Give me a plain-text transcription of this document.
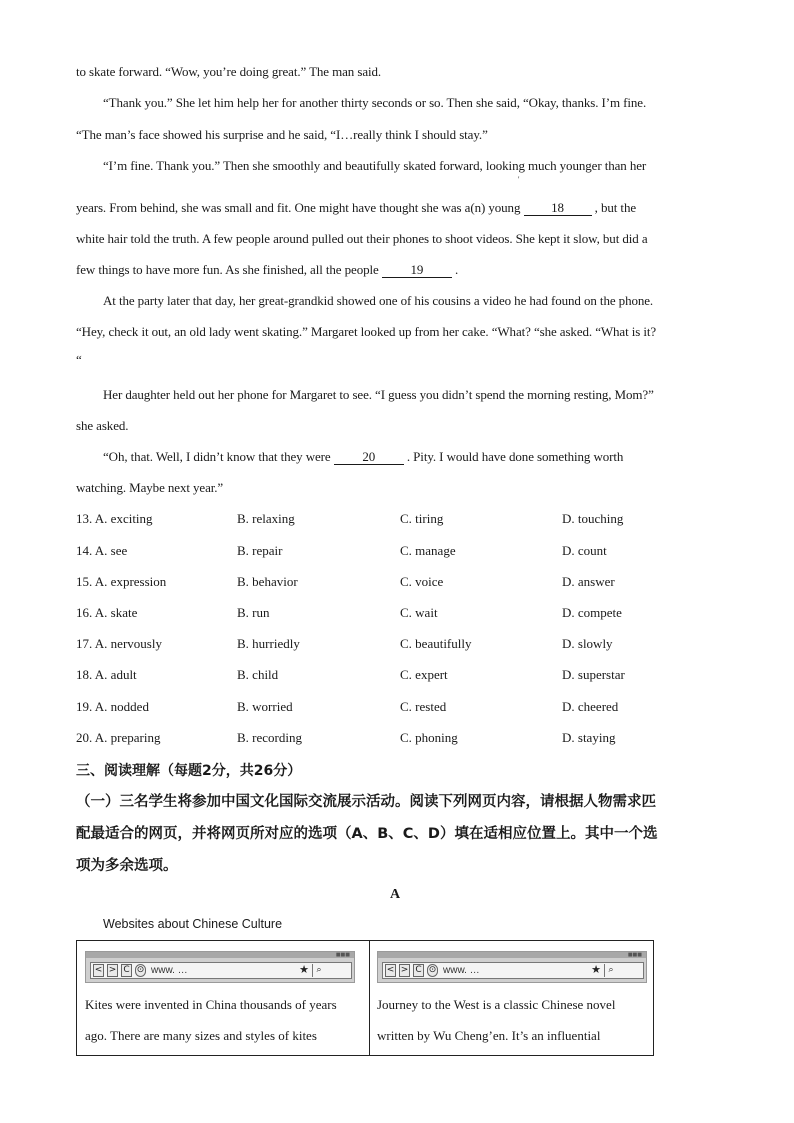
to skate forward. “Wow, you’re doing great.” The man said.
“Thank you.” She let him help her for another thirty seconds or so. Then she said, “Okay, thanks. I’m fine.
“The man’s face showed his surprise and he said, “I…really think I should stay.”
“I’m fine. Thank you.” Then she smoothly and beautifully skated forward, looking much younger than her
years. From behind, she was small and fit. One might have thought she was a(n) young 18 , but the
white hair told the truth. A few people around pulled out their phones to shoot videos. She kept it slow, but did a
few things to have more fun. As she finished, all the people 19 .
At the party later that day, her great-grandkid showed one of his cousins a video he had found on the phone.
“Hey, check it out, an old lady went skating.” Margaret looked up from her cake. “What? “she asked. “What is it?
“
Her daughter held out her phone for Margaret to see. “I guess you didn’t spend the morning resting, Mom?”
she asked.
“Oh, that. Well, I didn’t know that they were 20 . Pity. I would have done something worth
watching. Maybe next year.”
'
13. A. exciting	B. relaxing	C. tiring	D. touching
14. A. see	B. repair	C. manage	D. count
15. A. expression	B. behavior	C. voice	D. answer
16. A. skate	B. run	C. wait	D. compete
17. A. nervously	B. hurriedly	C. beautifully	D. slowly
18. A. adult	B. child	C. expert	D. superstar
19. A. nodded	B. worried	C. rested	D. cheered
20. A. preparing	B. recording	C. phoning	D. staying
三、阅读理解（每题2分，共26分）
（一）三名学生将参加中国文化国际交流展示活动。阅读下列网页内容，请根据人物需求匹
配最适合的网页，并将网页所对应的选项（A、B、C、D）填在适相应位置上。其中一个选
项为多余选项。
A
Websites about Chinese Culture
■■■
< > C ⊙ www. …	★ ⌕
Kites were invented in China thousands of years
ago. There are many sizes and styles of kites
■■■
< > C ⊙ www. …	★ ⌕
Journey to the West is a classic Chinese novel
written by Wu Cheng’en. It’s an influential
